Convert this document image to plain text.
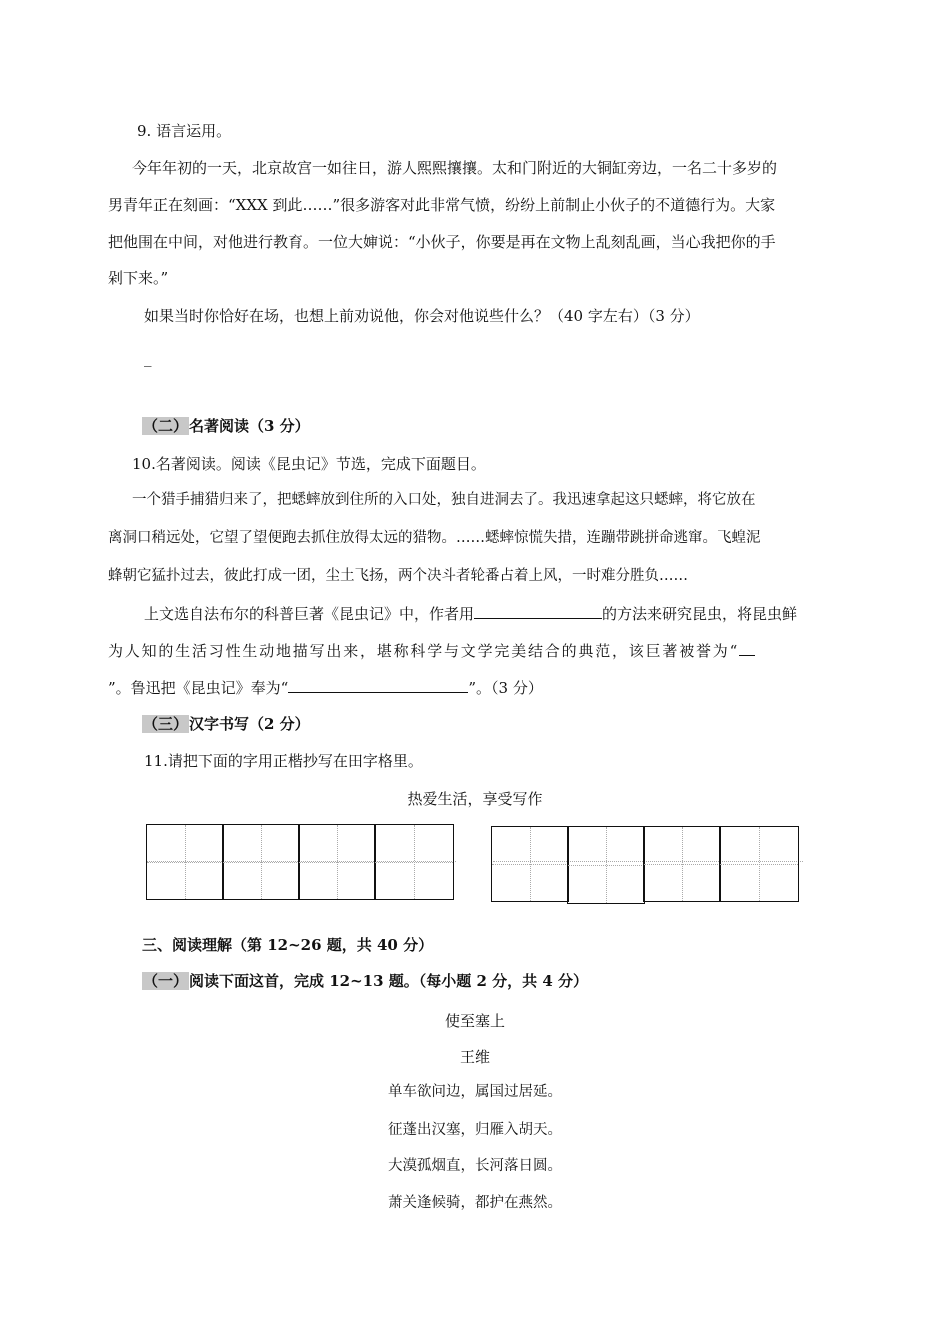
9. 语言运用。
今年年初的一天，北京故宫一如往日，游人熙熙攘攘。太和门附近的大铜缸旁边，一名二十多岁的
男青年正在刻画：“XXX 到此……”很多游客对此非常气愤，纷纷上前制止小伙子的不道德行为。大家
把他围在中间，对他进行教育。一位大婶说：“小伙子，你要是再在文物上乱刻乱画，当心我把你的手
剁下来。”
如果当时你恰好在场，也想上前劝说他，你会对他说些什么？（40 字左右）（3 分）
_
（二）名著阅读（3 分）
10.名著阅读。阅读《昆虫记》节选，完成下面题目。
一个猎手捕猎归来了，把蟋蟀放到住所的入口处，独自进洞去了。我迅速拿起这只蟋蟀，将它放在
离洞口稍远处，它望了望便跑去抓住放得太远的猎物。……蟋蟀惊慌失措，连蹦带跳拼命逃窜。飞蝗泥
蜂朝它猛扑过去，彼此打成一团，尘土飞扬，两个决斗者轮番占着上风，一时难分胜负……
上文选自法布尔的科普巨著《昆虫记》中，作者用	的方法来研究昆虫，将昆虫鲜
为人知的生活习性生动地描写出来，堪称科学与文学完美结合的典范，该巨著被誉为“
”。鲁迅把《昆虫记》奉为“	”。（3 分）
（三）汉字书写（2 分）
11.请把下面的字用正楷抄写在田字格里。
热爱生活，享受写作
三、阅读理解（第 12~26 题，共 40 分）
（一）阅读下面这首，完成 12~13 题。（每小题 2 分，共 4 分）
使至塞上
王维
单车欲问边，属国过居延。
征蓬出汉塞，归雁入胡天。
大漠孤烟直，长河落日圆。
萧关逢候骑，都护在燕然。
